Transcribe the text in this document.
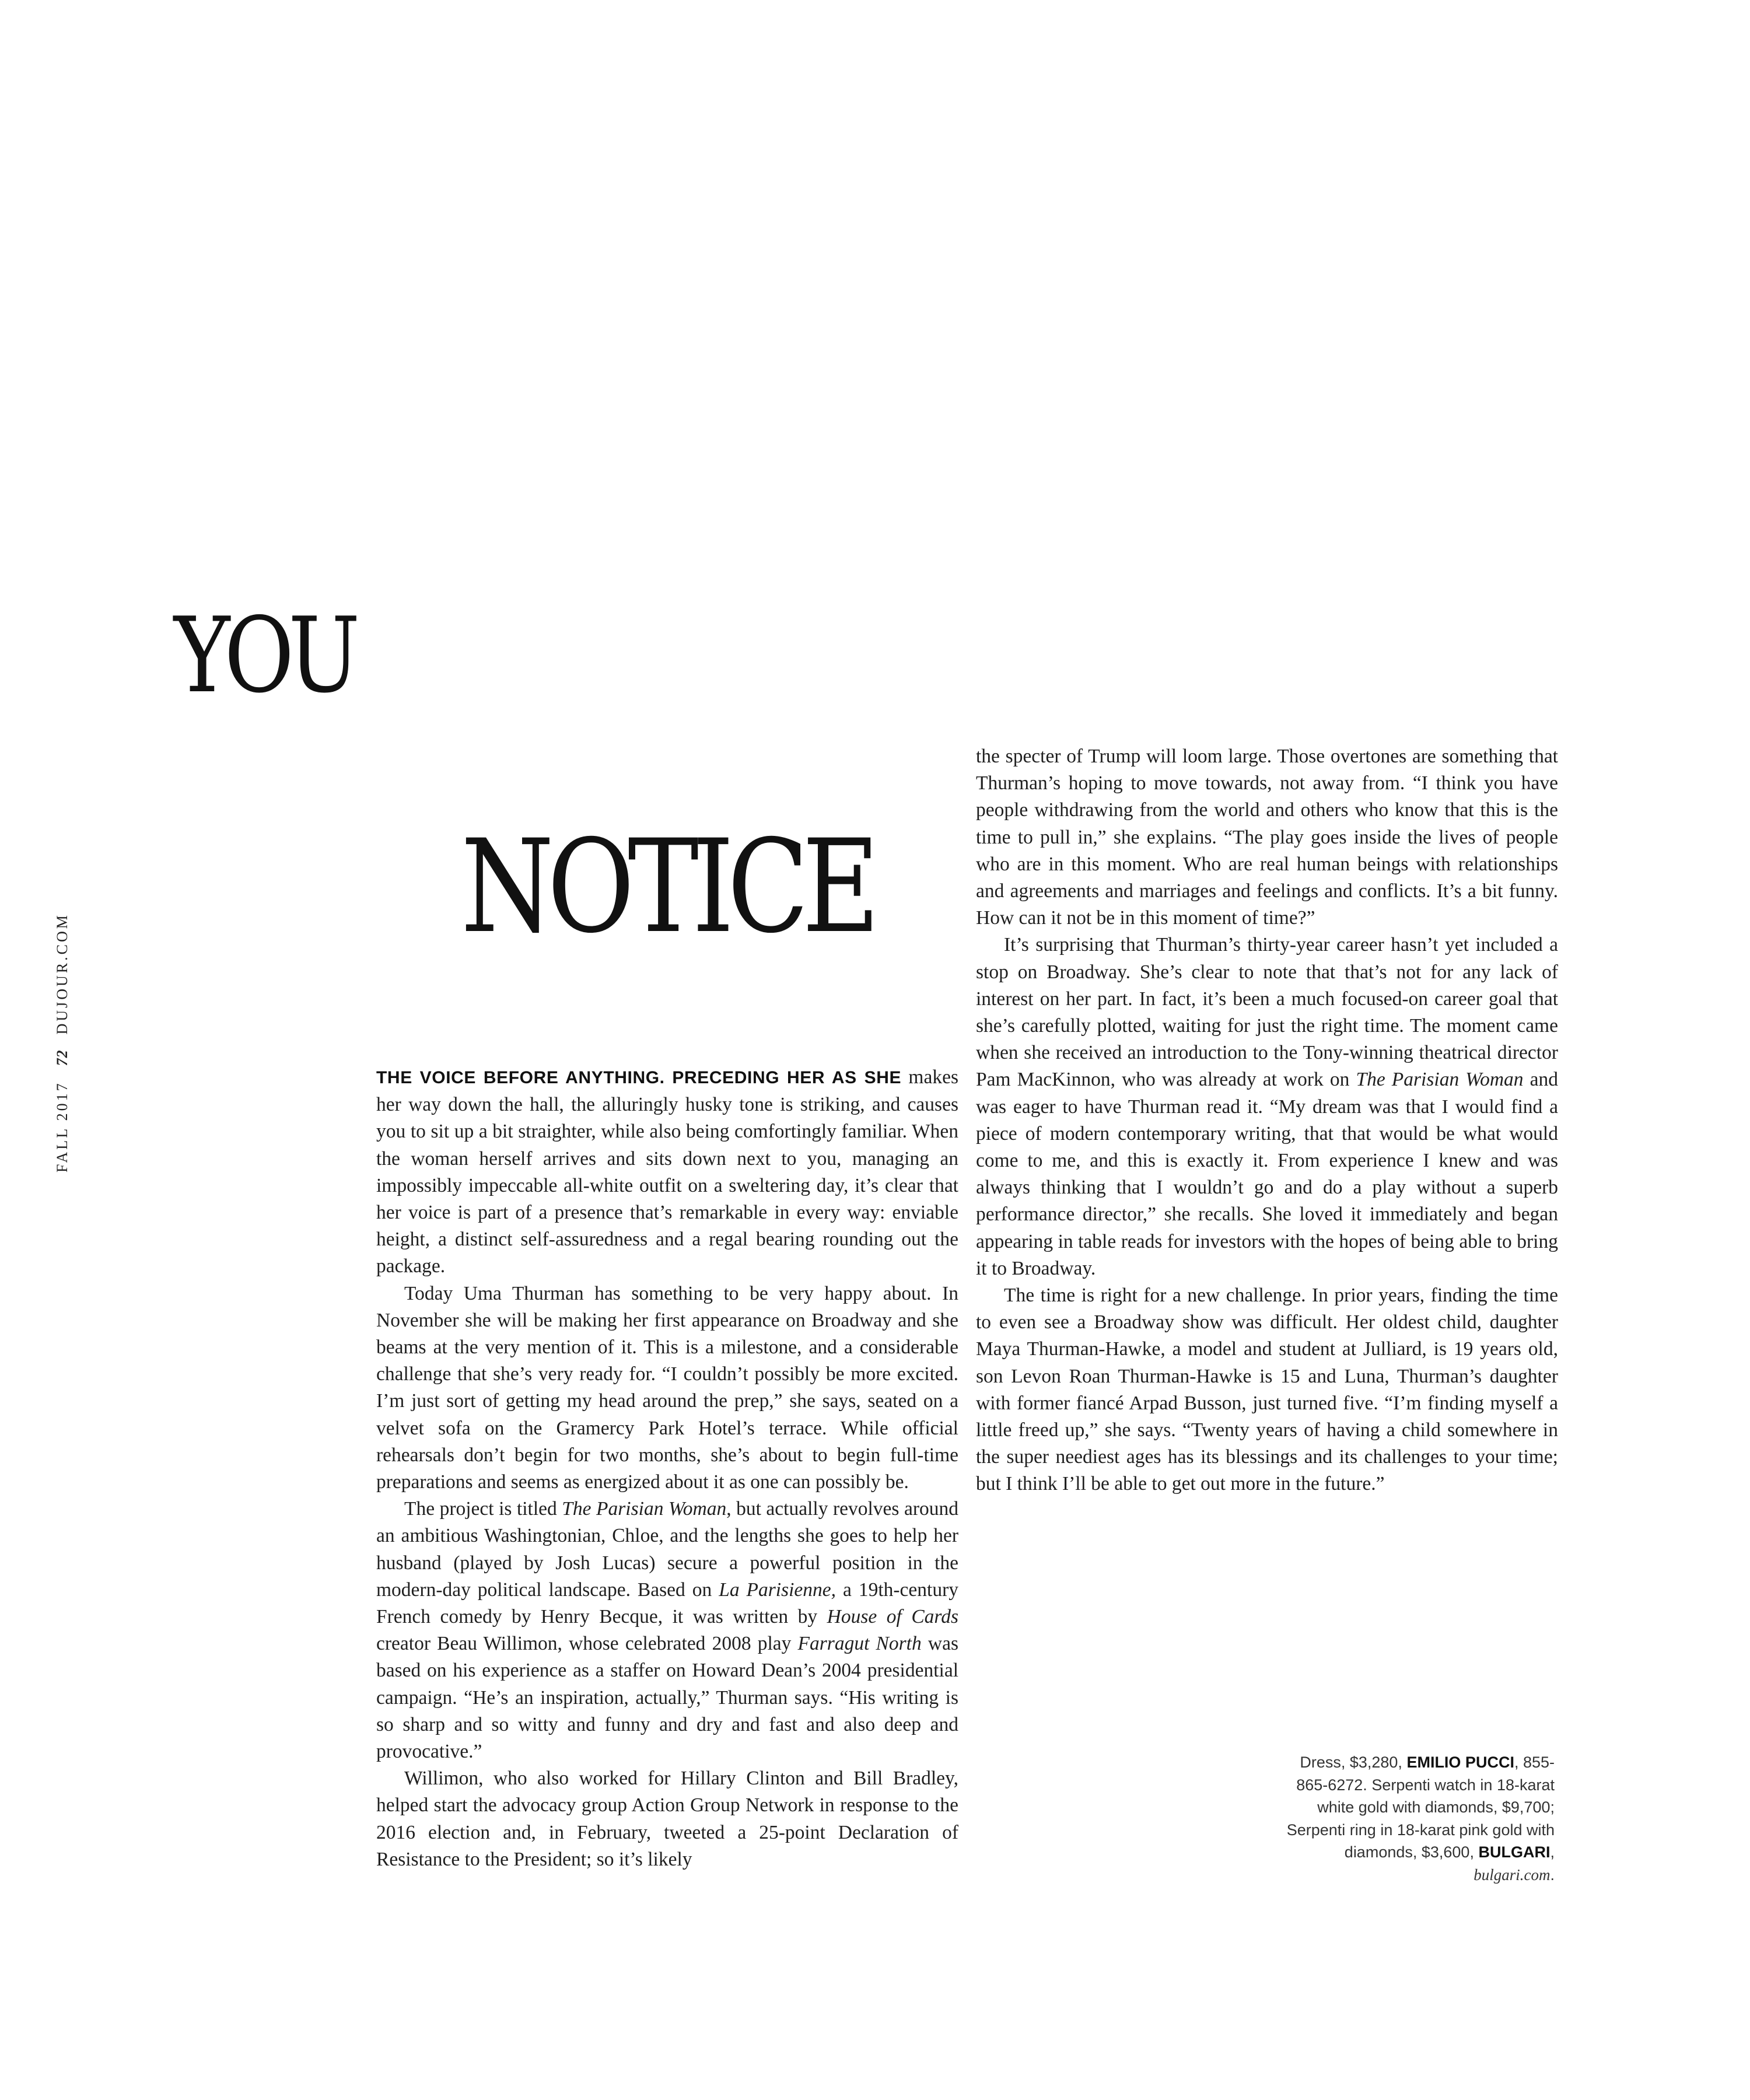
YOU
NOTICE
FALL 201772DUJOUR.COM

THE VOICE BEFORE ANYTHING. PRECEDING HER AS SHE makes her way down the hall, the alluringly husky tone is striking, and causes you to sit up a bit straighter, while also being comfortingly familiar. When the woman herself arrives and sits down next to you, managing an impossibly impeccable all-white outfit on a sweltering day, it’s clear that her voice is part of a presence that’s remarkable in every way: enviable height, a distinct self-assuredness and a regal bearing rounding out the package.

Today Uma Thurman has something to be very happy about. In November she will be making her first appearance on Broadway and she beams at the very mention of it. This is a milestone, and a considerable challenge that she’s very ready for. “I couldn’t possibly be more excited. I’m just sort of getting my head around the prep,” she says, seated on a velvet sofa on the Gramercy Park Hotel’s terrace. While official rehearsals don’t begin for two months, she’s about to begin full-time preparations and seems as energized about it as one can possibly be.

The project is titled The Parisian Woman, but actually revolves around an ambitious Washingtonian, Chloe, and the lengths she goes to help her husband (played by Josh Lucas) secure a powerful position in the modern-day political landscape. Based on La Parisienne, a 19th-century French comedy by Henry Becque, it was written by House of Cards creator Beau Willimon, whose celebrated 2008 play Farragut North was based on his experience as a staffer on Howard Dean’s 2004 presidential campaign. “He’s an inspiration, actually,” Thurman says. “His writing is so sharp and so witty and funny and dry and fast and also deep and provocative.”

Willimon, who also worked for Hillary Clinton and Bill Bradley, helped start the advocacy group Action Group Network in response to the 2016 election and, in February, tweeted a 25-point Declaration of Resistance to the President; so it’s likely

the specter of Trump will loom large. Those overtones are something that Thurman’s hoping to move towards, not away from. “I think you have people withdrawing from the world and others who know that this is the time to pull in,” she explains. “The play goes inside the lives of people who are in this moment. Who are real human beings with relationships and agreements and marriages and feelings and conflicts. It’s a bit funny. How can it not be in this moment of time?”

It’s surprising that Thurman’s thirty-year career hasn’t yet included a stop on Broadway. She’s clear to note that that’s not for any lack of interest on her part. In fact, it’s been a much focused-on career goal that she’s carefully plotted, waiting for just the right time. The moment came when she received an introduction to the Tony-winning theatrical director Pam MacKinnon, who was already at work on The Parisian Woman and was eager to have Thurman read it. “My dream was that I would find a piece of modern contemporary writing, that that would be what would come to me, and this is exactly it. From experience I knew and was always thinking that I wouldn’t go and do a play without a superb performance director,” she recalls. She loved it immediately and began appearing in table reads for investors with the hopes of being able to bring it to Broadway.

The time is right for a new challenge. In prior years, finding the time to even see a Broadway show was difficult. Her oldest child, daughter Maya Thurman-Hawke, a model and student at Julliard, is 19 years old, son Levon Roan Thurman-Hawke is 15 and Luna, Thurman’s daughter with former fiancé Arpad Busson, just turned five. “I’m finding myself a little freed up,” she says. “Twenty years of having a child somewhere in the super neediest ages has its blessings and its challenges to your time; but I think I’ll be able to get out more in the future.”

Dress, $3,280, EMILIO PUCCI, 855-865-6272. Serpenti watch in 18-karat white gold with diamonds, $9,700; Serpenti ring in 18-karat pink gold with diamonds, $3,600, BULGARI, bulgari.com.
